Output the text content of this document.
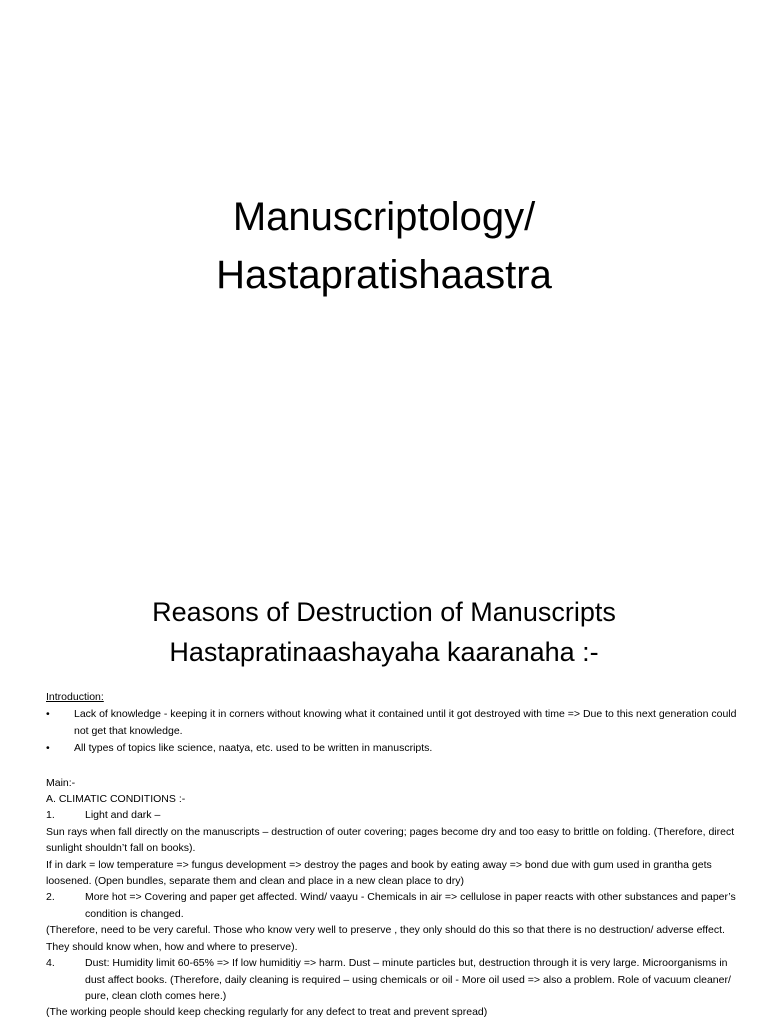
Manuscriptology/
Hastapratishaastra
Reasons of Destruction of Manuscripts
Hastapratinaashayaha kaaranaha :-
Introduction:
• Lack of knowledge - keeping it in corners without knowing what it contained until it got destroyed with time => Due to this next generation could not get that knowledge.
• All types of topics like science, naatya, etc. used to be written in manuscripts.
Main:-
A. CLIMATIC CONDITIONS :-
1.	Light and dark –
Sun rays when fall directly on the manuscripts – destruction of outer covering; pages become dry and too easy to brittle on folding. (Therefore, direct sunlight shouldn’t fall on books).
If in dark = low temperature => fungus development => destroy the pages and book by eating away => bond due with gum used in grantha gets loosened. (Open bundles, separate them and clean and place in a new clean place to dry)
2.	More hot => Covering and paper get affected. Wind/ vaayu - Chemicals in air => cellulose in paper reacts with other substances and paper’s condition is changed.
(Therefore, need to be very careful. Those who know very well to preserve , they only should do this so that there is no destruction/ adverse effect. They should know when, how and where to preserve).
4.	Dust: Humidity limit 60-65% => If low humiditiy => harm. Dust – minute particles but, destruction through it is very large. Microorganisms in dust affect books. (Therefore, daily cleaning is required – using chemicals or oil - More oil used => also a problem. Role of vacuum cleaner/ pure, clean cloth comes here.)
(The working people should keep checking regularly for any defect to treat and prevent spread)
